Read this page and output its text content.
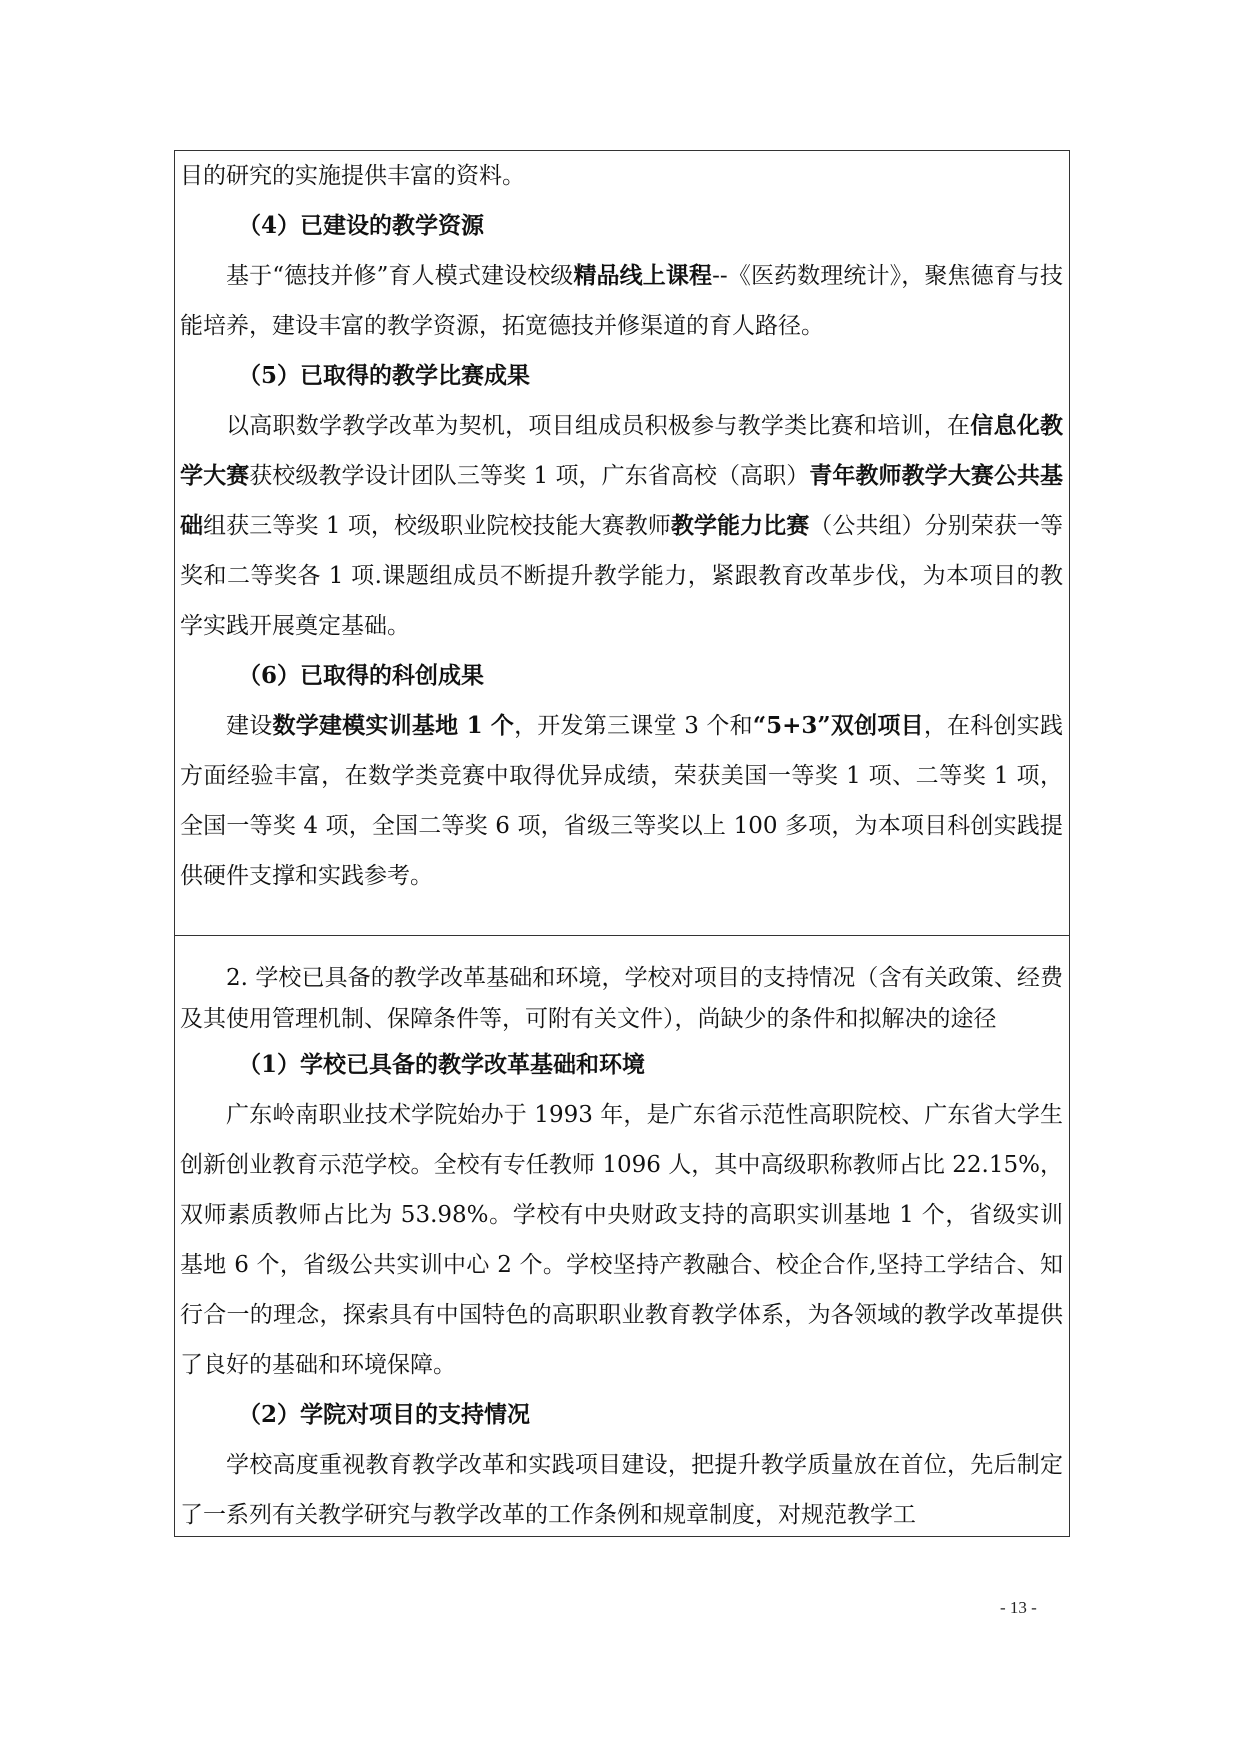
目的研究的实施提供丰富的资料。

（4）已建设的教学资源

基于“德技并修”育人模式建设校级精品线上课程--《医药数理统计》，聚焦德育与技能培养，建设丰富的教学资源，拓宽德技并修渠道的育人路径。

（5）已取得的教学比赛成果

以高职数学教学改革为契机，项目组成员积极参与教学类比赛和培训，在信息化教学大赛获校级教学设计团队三等奖 1 项，广东省高校（高职）青年教师教学大赛公共基础组获三等奖 1 项，校级职业院校技能大赛教师教学能力比赛（公共组）分别荣获一等奖和二等奖各 1 项.课题组成员不断提升教学能力，紧跟教育改革步伐，为本项目的教学实践开展奠定基础。

（6）已取得的科创成果

建设数学建模实训基地 1 个，开发第三课堂 3 个和“5+3”双创项目，在科创实践方面经验丰富，在数学类竞赛中取得优异成绩，荣获美国一等奖 1 项、二等奖 1 项，全国一等奖 4 项，全国二等奖 6 项，省级三等奖以上 100 多项，为本项目科创实践提供硬件支撑和实践参考。

2. 学校已具备的教学改革基础和环境，学校对项目的支持情况（含有关政策、经费及其使用管理机制、保障条件等，可附有关文件），尚缺少的条件和拟解决的途径

（1）学校已具备的教学改革基础和环境

广东岭南职业技术学院始办于 1993 年，是广东省示范性高职院校、广东省大学生创新创业教育示范学校。全校有专任教师 1096 人，其中高级职称教师占比 22.15%，双师素质教师占比为 53.98%。学校有中央财政支持的高职实训基地 1 个，省级实训基地 6 个，省级公共实训中心 2 个。学校坚持产教融合、校企合作,坚持工学结合、知行合一的理念，探索具有中国特色的高职职业教育教学体系，为各领域的教学改革提供了良好的基础和环境保障。

（2）学院对项目的支持情况

学校高度重视教育教学改革和实践项目建设，把提升教学质量放在首位，先后制定了一系列有关教学研究与教学改革的工作条例和规章制度，对规范教学工

- 13 -
